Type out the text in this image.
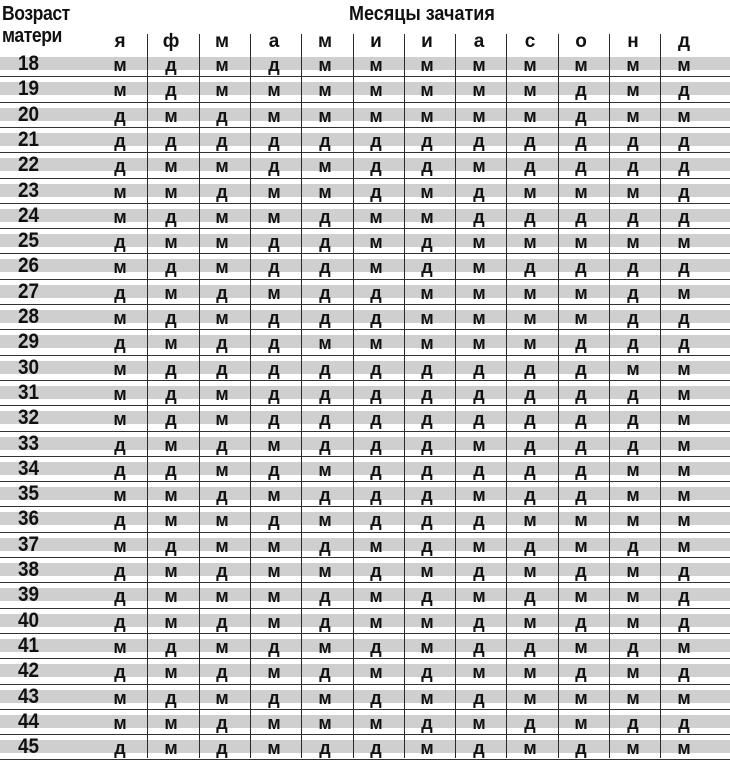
Возраст
матери
Месяцы зачатия
я	ф	м	а	м	и	и	а	с	о	н	д
18	м	д	м	д	м	м	м	м	м	м	м	м
19	м	д	м	м	м	м	м	м	м	д	м	д
20	д	м	д	м	м	м	м	м	м	д	м	м
21	д	д	д	д	д	д	д	д	д	д	д	д
22	д	м	м	д	м	д	д	м	д	д	д	д
23	м	м	д	м	м	д	м	д	м	м	м	д
24	м	д	м	м	д	м	м	д	д	д	д	д
25	д	м	м	д	д	м	д	м	м	м	м	м
26	м	д	м	д	д	м	д	м	д	д	д	д
27	д	м	д	м	д	д	м	м	м	м	д	м
28	м	д	м	д	д	д	м	м	м	м	д	д
29	д	м	д	д	м	м	м	м	м	д	д	д
30	м	д	д	д	д	д	д	д	д	д	м	м
31	м	д	м	д	д	д	д	д	д	д	д	м
32	м	д	м	д	д	д	д	д	д	д	д	м
33	д	м	д	м	д	д	д	м	д	д	д	м
34	д	д	м	д	м	д	д	д	д	д	м	м
35	м	м	д	м	д	д	д	м	д	д	м	м
36	д	м	м	д	м	д	д	д	м	м	м	м
37	м	д	м	м	д	м	д	м	д	м	д	м
38	д	м	д	м	м	д	м	д	м	д	м	д
39	д	м	м	м	д	м	д	м	д	м	м	д
40	д	м	д	м	д	м	м	д	м	д	м	д
41	м	д	м	д	м	д	м	д	д	м	д	м
42	д	м	д	м	д	м	д	м	м	д	м	д
43	м	д	м	д	м	д	м	д	м	м	м	м
44	м	м	д	м	м	м	д	м	д	м	д	д
45	д	м	д	м	д	д	м	д	м	д	м	м
